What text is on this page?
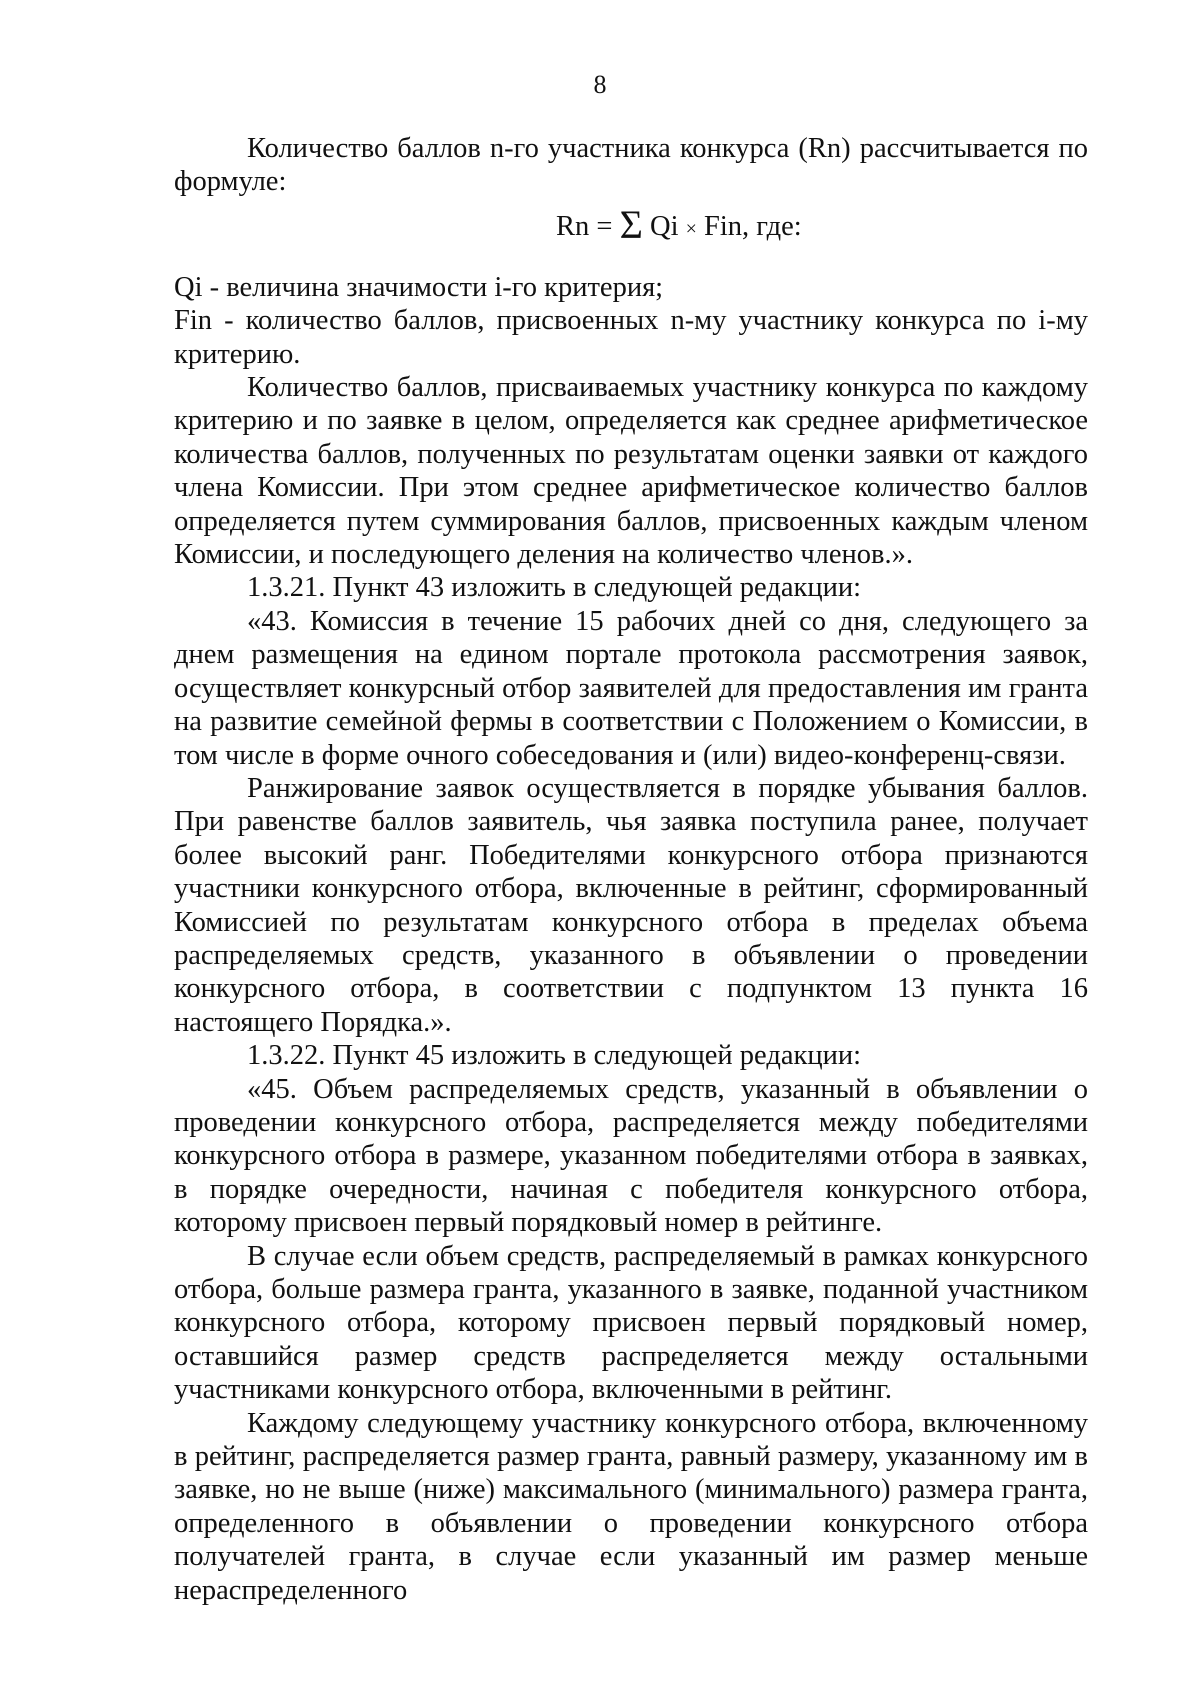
8

Количество баллов n-го участника конкурса (Rn) рассчитывается по формуле:

Rn = Σ Qi × Fin, где:

Qi - величина значимости i-го критерия;

Fin - количество баллов, присвоенных n-му участнику конкурса по i-му критерию.

Количество баллов, присваиваемых участнику конкурса по каждому критерию и по заявке в целом, определяется как среднее арифметическое количества баллов, полученных по результатам оценки заявки от каждого члена Комиссии. При этом среднее арифметическое количество баллов определяется путем суммирования баллов, присвоенных каждым членом Комиссии, и последующего деления на количество членов.».

1.3.21. Пункт 43 изложить в следующей редакции:

«43. Комиссия в течение 15 рабочих дней со дня, следующего за днем размещения на едином портале протокола рассмотрения заявок, осуществляет конкурсный отбор заявителей для предоставления им гранта на развитие семейной фермы в соответствии с Положением о Комиссии, в том числе в форме очного собеседования и (или) видео-конференц-связи.

Ранжирование заявок осуществляется в порядке убывания баллов. При равенстве баллов заявитель, чья заявка поступила ранее, получает более высокий ранг. Победителями конкурсного отбора признаются участники конкурсного отбора, включенные в рейтинг, сформированный Комиссией по результатам конкурсного отбора в пределах объема распределяемых средств, указанного в объявлении о проведении конкурсного отбора, в соответствии с подпунктом 13 пункта 16 настоящего Порядка.».

1.3.22. Пункт 45 изложить в следующей редакции:

«45. Объем распределяемых средств, указанный в объявлении о проведении конкурсного отбора, распределяется между победителями конкурсного отбора в размере, указанном победителями отбора в заявках, в порядке очередности, начиная с победителя конкурсного отбора, которому присвоен первый порядковый номер в рейтинге.

В случае если объем средств, распределяемый в рамках конкурсного отбора, больше размера гранта, указанного в заявке, поданной участником конкурсного отбора, которому присвоен первый порядковый номер, оставшийся размер средств распределяется между остальными участниками конкурсного отбора, включенными в рейтинг.

Каждому следующему участнику конкурсного отбора, включенному в рейтинг, распределяется размер гранта, равный размеру, указанному им в заявке, но не выше (ниже) максимального (минимального) размера гранта, определенного в объявлении о проведении конкурсного отбора получателей гранта, в случае если указанный им размер меньше нераспределенного
